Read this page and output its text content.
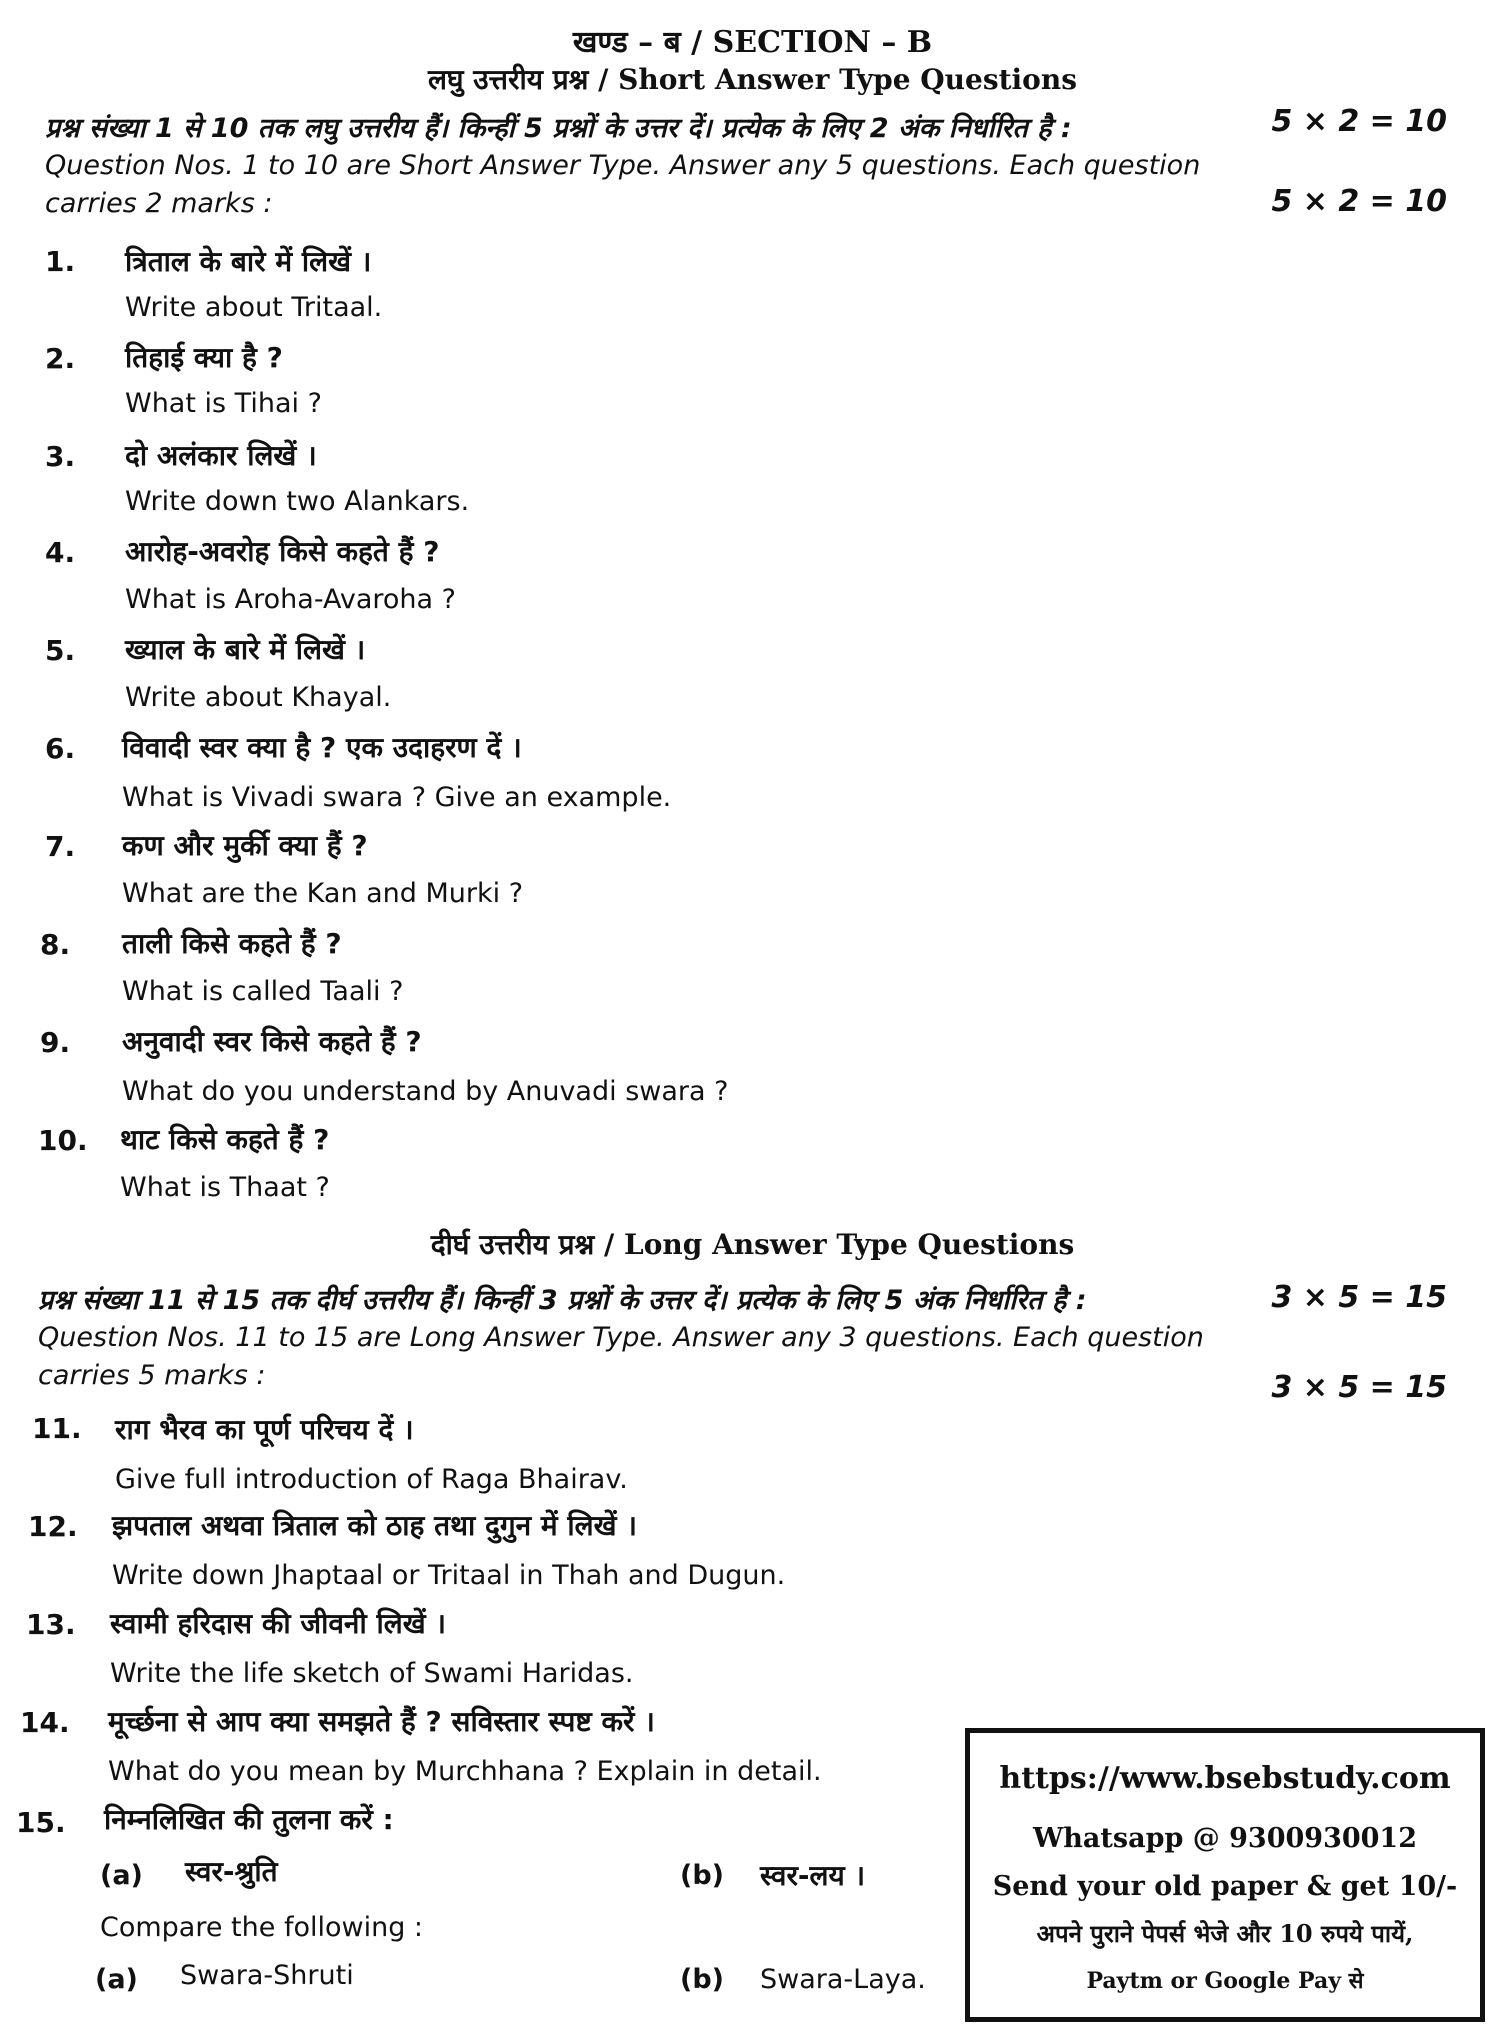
खण्ड – ब / SECTION – B
लघु उत्तरीय प्रश्न / Short Answer Type Questions
प्रश्न संख्या 1 से 10 तक लघु उत्तरीय हैं। किन्हीं 5 प्रश्नों के उत्तर दें। प्रत्येक के लिए 2 अंक निर्धारित है :	5 × 2 = 10
Question Nos. 1 to 10 are Short Answer Type. Answer any 5 questions. Each question
carries 2 marks :	5 × 2 = 10
1. त्रिताल के बारे में लिखें ।
Write about Tritaal.
2. तिहाई क्या है ?
What is Tihai ?
3. दो अलंकार लिखें ।
Write down two Alankars.
4. आरोह-अवरोह किसे कहते हैं ?
What is Aroha-Avaroha ?
5. ख्याल के बारे में लिखें ।
Write about Khayal.
6. विवादी स्वर क्या है ? एक उदाहरण दें ।
What is Vivadi swara ? Give an example.
7. कण और मुर्की क्या हैं ?
What are the Kan and Murki ?
8. ताली किसे कहते हैं ?
What is called Taali ?
9. अनुवादी स्वर किसे कहते हैं ?
What do you understand by Anuvadi swara ?
10. थाट किसे कहते हैं ?
What is Thaat ?
दीर्घ उत्तरीय प्रश्न / Long Answer Type Questions
प्रश्न संख्या 11 से 15 तक दीर्घ उत्तरीय हैं। किन्हीं 3 प्रश्नों के उत्तर दें। प्रत्येक के लिए 5 अंक निर्धारित है :	3 × 5 = 15
Question Nos. 11 to 15 are Long Answer Type. Answer any 3 questions. Each question
carries 5 marks :	3 × 5 = 15
11. राग भैरव का पूर्ण परिचय दें ।
Give full introduction of Raga Bhairav.
12. झपताल अथवा त्रिताल को ठाह तथा दुगुन में लिखें ।
Write down Jhaptaal or Tritaal in Thah and Dugun.
13. स्वामी हरिदास की जीवनी लिखें ।
Write the life sketch of Swami Haridas.
14. मूर्च्छना से आप क्या समझते हैं ? सविस्तार स्पष्ट करें ।
What do you mean by Murchhana ? Explain in detail.
15. निम्नलिखित की तुलना करें :
(a) स्वर-श्रुति	(b) स्वर-लय ।
Compare the following :
(a) Swara-Shruti	(b) Swara-Laya.
https://www.bsebstudy.com
Whatsapp @ 9300930012
Send your old paper & get 10/-
अपने पुराने पेपर्स भेजे और 10 रुपये पायें,
Paytm or Google Pay से
